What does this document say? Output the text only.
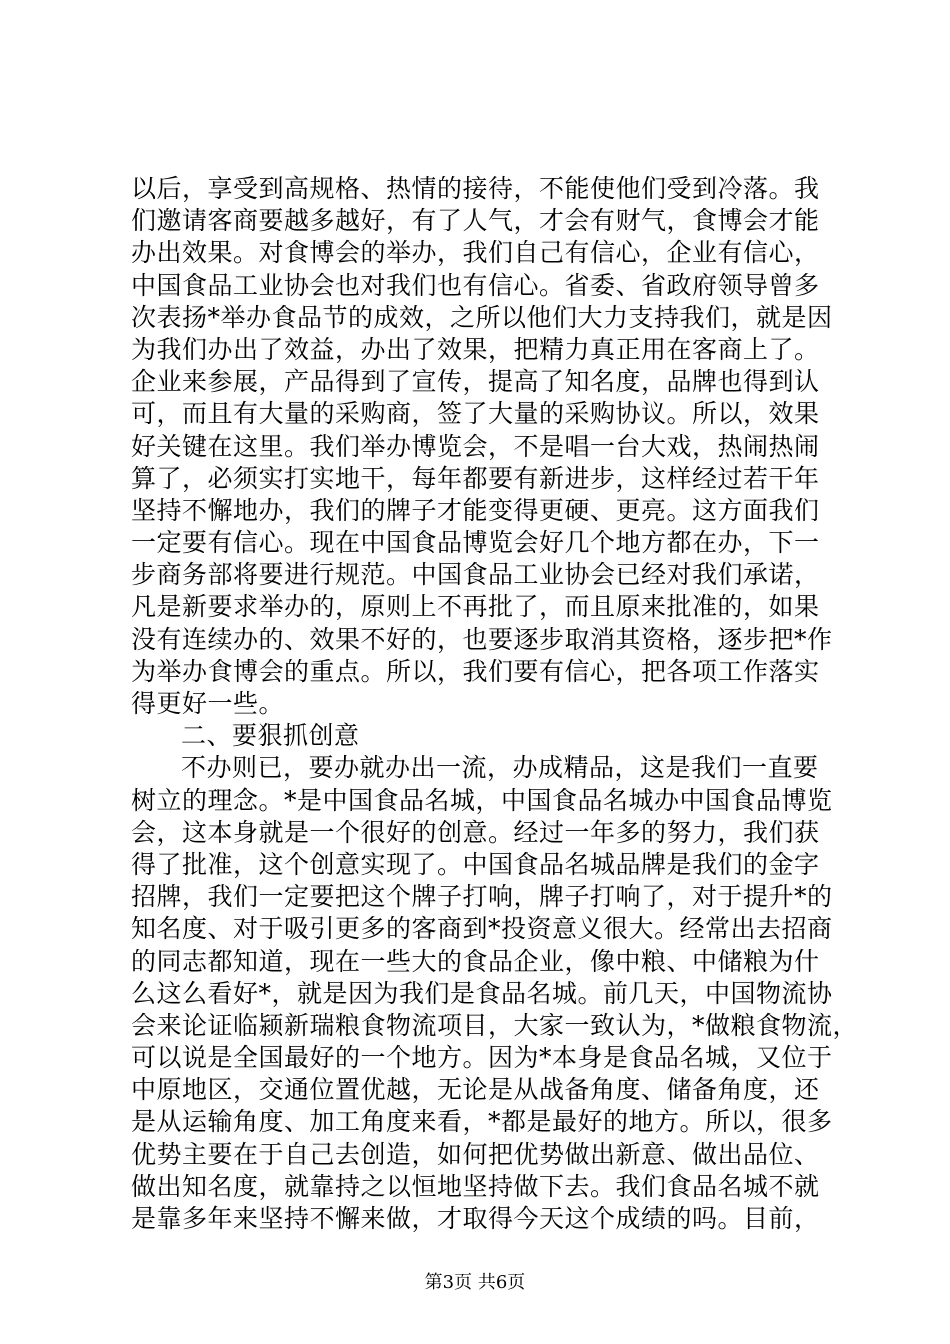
以后，享受到高规格、热情的接待，不能使他们受到冷落。我
们邀请客商要越多越好，有了人气，才会有财气，食博会才能
办出效果。对食博会的举办，我们自己有信心，企业有信心，
中国食品工业协会也对我们也有信心。省委、省政府领导曾多
次表扬*举办食品节的成效，之所以他们大力支持我们，就是因
为我们办出了效益，办出了效果，把精力真正用在客商上了。
企业来参展，产品得到了宣传，提高了知名度，品牌也得到认
可，而且有大量的采购商，签了大量的采购协议。所以，效果
好关键在这里。我们举办博览会，不是唱一台大戏，热闹热闹
算了，必须实打实地干，每年都要有新进步，这样经过若干年
坚持不懈地办，我们的牌子才能变得更硬、更亮。这方面我们
一定要有信心。现在中国食品博览会好几个地方都在办，下一
步商务部将要进行规范。中国食品工业协会已经对我们承诺，
凡是新要求举办的，原则上不再批了，而且原来批准的，如果
没有连续办的、效果不好的，也要逐步取消其资格，逐步把*作
为举办食博会的重点。所以，我们要有信心，把各项工作落实
得更好一些。
二、要狠抓创意
不办则已，要办就办出一流，办成精品，这是我们一直要
树立的理念。*是中国食品名城，中国食品名城办中国食品博览
会，这本身就是一个很好的创意。经过一年多的努力，我们获
得了批准，这个创意实现了。中国食品名城品牌是我们的金字
招牌，我们一定要把这个牌子打响，牌子打响了，对于提升*的
知名度、对于吸引更多的客商到*投资意义很大。经常出去招商
的同志都知道，现在一些大的食品企业，像中粮、中储粮为什
么这么看好*，就是因为我们是食品名城。前几天，中国物流协
会来论证临颍新瑞粮食物流项目，大家一致认为，*做粮食物流，
可以说是全国最好的一个地方。因为*本身是食品名城，又位于
中原地区，交通位置优越，无论是从战备角度、储备角度，还
是从运输角度、加工角度来看，*都是最好的地方。所以，很多
优势主要在于自己去创造，如何把优势做出新意、做出品位、
做出知名度，就靠持之以恒地坚持做下去。我们食品名城不就
是靠多年来坚持不懈来做，才取得今天这个成绩的吗。目前，
第3页 共6页
